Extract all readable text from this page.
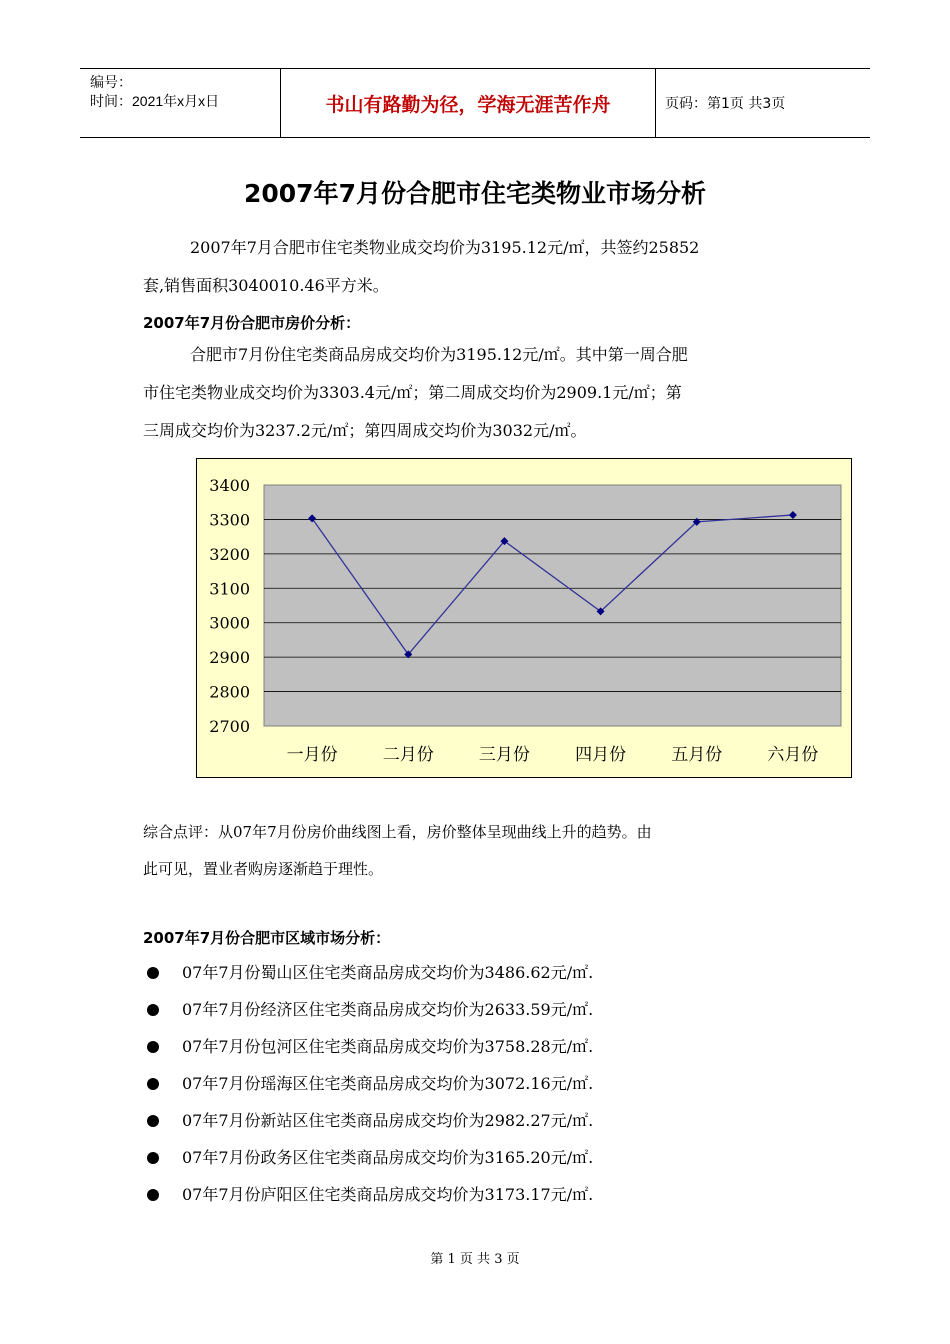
编号：
时间：2021年x月x日	书山有路勤为径，学海无涯苦作舟	页码：第1页 共3页
2007年7月份合肥市住宅类物业市场分析
2007年7月合肥市住宅类物业成交均价为3195.12元/㎡，共签约25852
套,销售面积3040010.46平方米。
2007年7月份合肥市房价分析：
合肥市7月份住宅类商品房成交均价为3195.12元/㎡。其中第一周合肥
市住宅类物业成交均价为3303.4元/㎡；第二周成交均价为2909.1元/㎡；第
三周成交均价为3237.2元/㎡；第四周成交均价为3032元/㎡。
3400
3300
3200
3100
3000
2900
2800
2700
一月份	二月份	三月份	四月份	五月份	六月份
综合点评：从07年7月份房价曲线图上看，房价整体呈现曲线上升的趋势。由
此可见，置业者购房逐渐趋于理性。
2007年7月份合肥市区域市场分析：
07年7月份蜀山区住宅类商品房成交均价为3486.62元/㎡.
07年7月份经济区住宅类商品房成交均价为2633.59元/㎡.
07年7月份包河区住宅类商品房成交均价为3758.28元/㎡.
07年7月份瑶海区住宅类商品房成交均价为3072.16元/㎡.
07年7月份新站区住宅类商品房成交均价为2982.27元/㎡.
07年7月份政务区住宅类商品房成交均价为3165.20元/㎡.
07年7月份庐阳区住宅类商品房成交均价为3173.17元/㎡.
第 1 页 共 3 页
